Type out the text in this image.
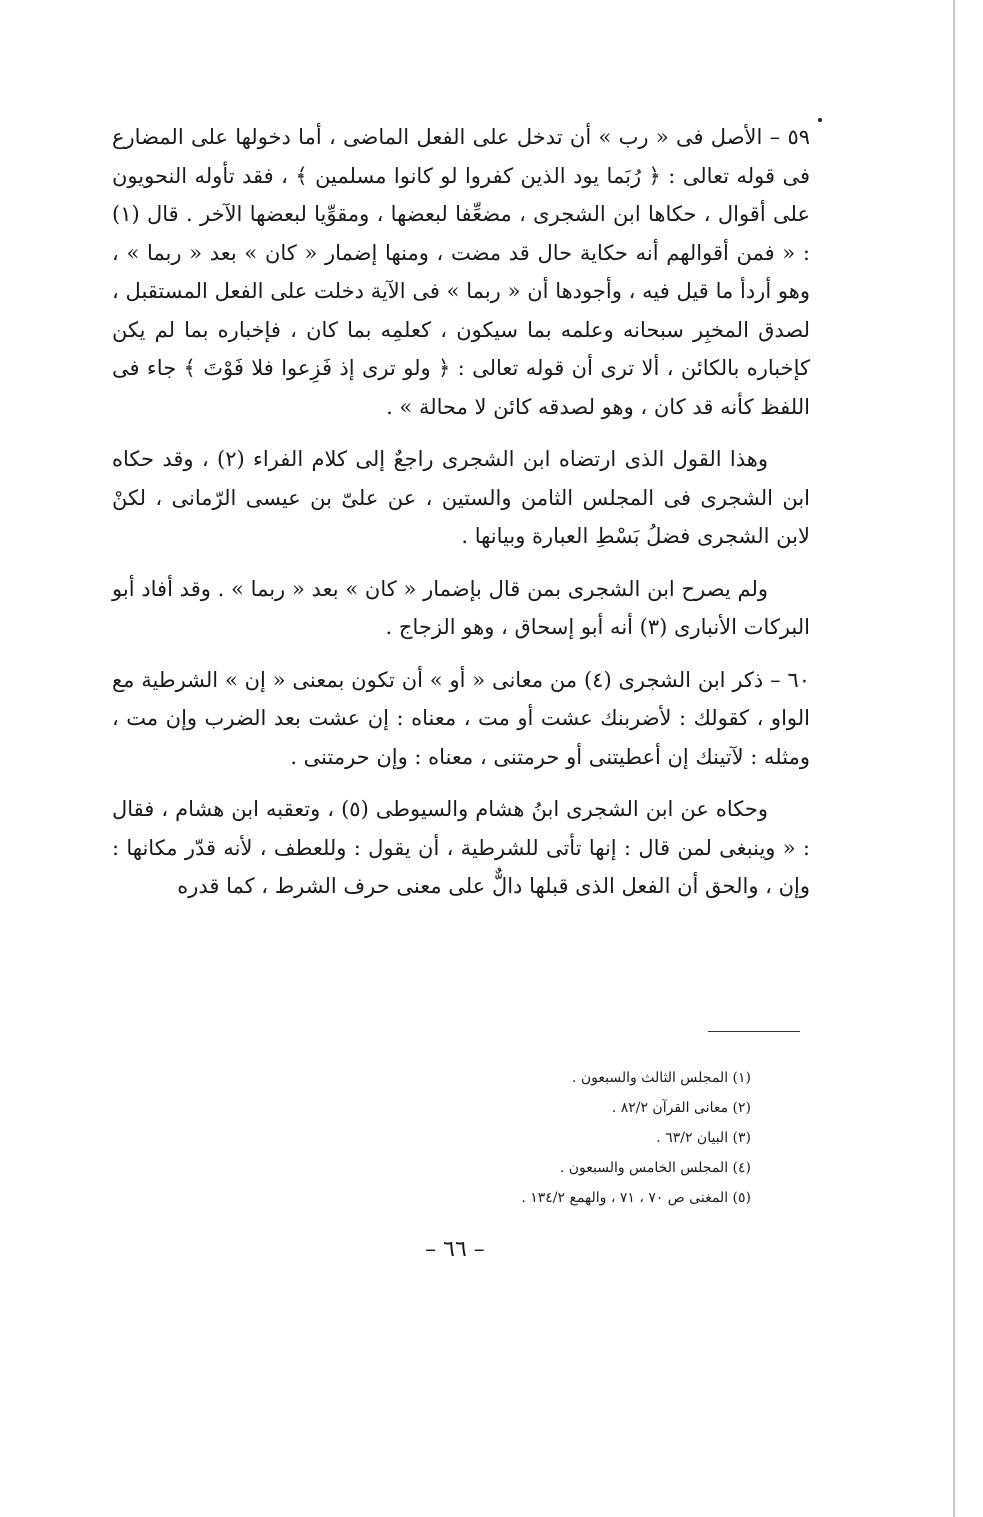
٥٩ – الأصل فى « رب » أن تدخل على الفعل الماضى ، أما دخولها على المضارع فى قوله تعالى : ﴿ رُبَما يود الذين كفروا لو كانوا مسلمين ﴾ ، فقد تأوله النحويون على أقوال ، حكاها ابن الشجرى ، مضعِّفا لبعضها ، ومقوِّيا لبعضها الآخر . قال (١) : « فمن أقوالهم أنه حكاية حال قد مضت ، ومنها إضمار « كان » بعد « ربما » ، وهو أردأ ما قيل فيه ، وأجودها أن « ربما » فى الآية دخلت على الفعل المستقبل ، لصدق المخبِر سبحانه وعلمه بما سيكون ، كعلمِه بما كان ، فإخباره بما لم يكن كإخباره بالكائن ، ألا ترى أن قوله تعالى : ﴿ ولو ترى إذ فَزِعوا فلا فَوْتَ ﴾ جاء فى اللفظ كأنه قد كان ، وهو لصدقه كائن لا محالة » .

وهذا القول الذى ارتضاه ابن الشجرى راجعٌ إلى كلام الفراء (٢) ، وقد حكاه ابن الشجرى فى المجلس الثامن والستين ، عن علىّ بن عيسى الرّمانى ، لكنْ لابن الشجرى فضلُ بَسْطِ العبارة وبيانها .

ولم يصرح ابن الشجرى بمن قال بإضمار « كان » بعد « ربما » . وقد أفاد أبو البركات الأنبارى (٣) أنه أبو إسحاق ، وهو الزجاج .

٦٠ – ذكر ابن الشجرى (٤) من معانى « أو » أن تكون بمعنى « إن » الشرطية مع الواو ، كقولك : لأضربنك عشت أو مت ، معناه : إن عشت بعد الضرب وإن مت ، ومثله : لآتينك إن أعطيتنى أو حرمتنى ، معناه : وإن حرمتنى .

وحكاه عن ابن الشجرى ابنُ هشام والسيوطى (٥) ، وتعقبه ابن هشام ، فقال : « وينبغى لمن قال : إنها تأتى للشرطية ، أن يقول : وللعطف ، لأنه قدّر مكانها : وإن ، والحق أن الفعل الذى قبلها دالٌّ على معنى حرف الشرط ، كما قدره

(١) المجلس الثالث والسبعون .

(٢) معانى القرآن ٨٢/٢ .

(٣) البيان ٦٣/٢ .

(٤) المجلس الخامس والسبعون .

(٥) المغنى ص ٧٠ ، ٧١ ، والهمع ١٣٤/٢ .

– ٦٦ –
